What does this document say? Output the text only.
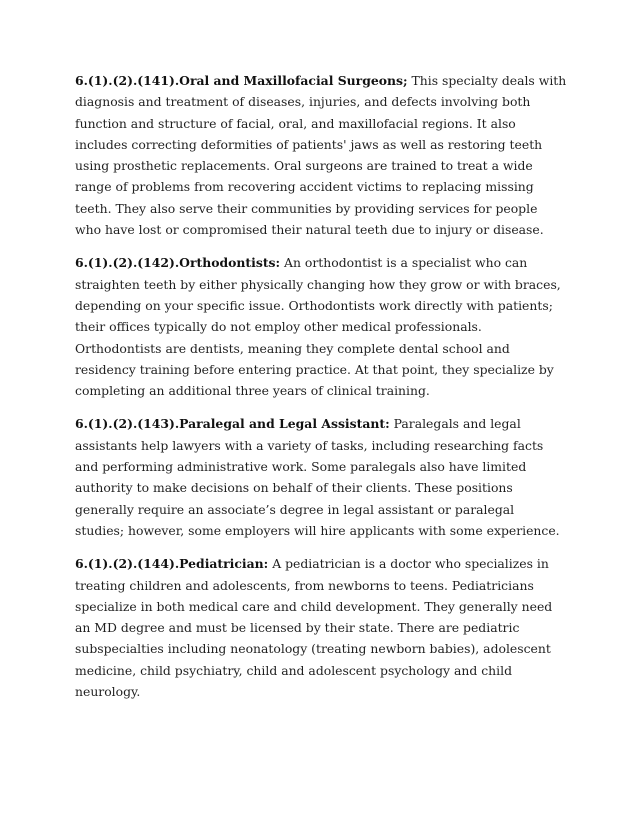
6.(1).(2).(141).Oral and Maxillofacial Surgeons; This specialty deals with diagnosis and treatment of diseases, injuries, and defects involving both function and structure of facial, oral, and maxillofacial regions. It also includes correcting deformities of patients' jaws as well as restoring teeth using prosthetic replacements. Oral surgeons are trained to treat a wide range of problems from recovering accident victims to replacing missing teeth. They also serve their communities by providing services for people who have lost or compromised their natural teeth due to injury or disease.

6.(1).(2).(142).Orthodontists: An orthodontist is a specialist who can straighten teeth by either physically changing how they grow or with braces, depending on your specific issue. Orthodontists work directly with patients; their offices typically do not employ other medical professionals. Orthodontists are dentists, meaning they complete dental school and residency training before entering practice. At that point, they specialize by completing an additional three years of clinical training.

6.(1).(2).(143).Paralegal and Legal Assistant: Paralegals and legal assistants help lawyers with a variety of tasks, including researching facts and performing administrative work. Some paralegals also have limited authority to make decisions on behalf of their clients. These positions generally require an associate’s degree in legal assistant or paralegal studies; however, some employers will hire applicants with some experience.

6.(1).(2).(144).Pediatrician: A pediatrician is a doctor who specializes in treating children and adolescents, from newborns to teens. Pediatricians specialize in both medical care and child development. They generally need an MD degree and must be licensed by their state. There are pediatric subspecialties including neonatology (treating newborn babies), adolescent medicine, child psychiatry, child and adolescent psychology and child neurology.
